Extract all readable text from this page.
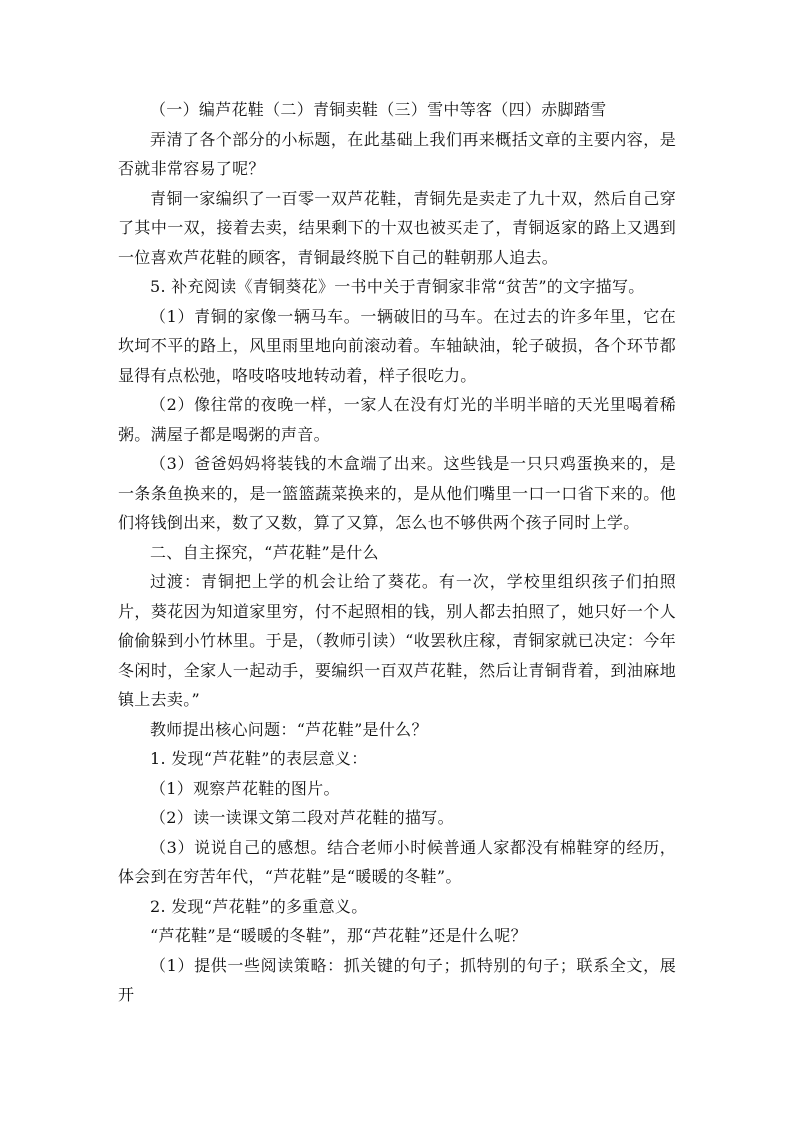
（一）编芦花鞋（二）青铜卖鞋（三）雪中等客（四）赤脚踏雪

弄清了各个部分的小标题，在此基础上我们再来概括文章的主要内容，是否就非常容易了呢？

青铜一家编织了一百零一双芦花鞋，青铜先是卖走了九十双，然后自己穿了其中一双，接着去卖，结果剩下的十双也被买走了，青铜返家的路上又遇到一位喜欢芦花鞋的顾客，青铜最终脱下自己的鞋朝那人追去。

5. 补充阅读《青铜葵花》一书中关于青铜家非常“贫苦”的文字描写。

（1）青铜的家像一辆马车。一辆破旧的马车。在过去的许多年里，它在坎坷不平的路上，风里雨里地向前滚动着。车轴缺油，轮子破损，各个环节都显得有点松弛，咯吱咯吱地转动着，样子很吃力。

（2）像往常的夜晚一样，一家人在没有灯光的半明半暗的天光里喝着稀粥。满屋子都是喝粥的声音。

（3）爸爸妈妈将装钱的木盒端了出来。这些钱是一只只鸡蛋换来的，是一条条鱼换来的，是一篮篮蔬菜换来的，是从他们嘴里一口一口省下来的。他们将钱倒出来，数了又数，算了又算，怎么也不够供两个孩子同时上学。

二、自主探究，“芦花鞋”是什么

过渡：青铜把上学的机会让给了葵花。有一次，学校里组织孩子们拍照片，葵花因为知道家里穷，付不起照相的钱，别人都去拍照了，她只好一个人偷偷躲到小竹林里。于是，（教师引读）“收罢秋庄稼，青铜家就已决定：今年冬闲时，全家人一起动手，要编织一百双芦花鞋，然后让青铜背着，到油麻地镇上去卖。”

教师提出核心问题：“芦花鞋”是什么？

1. 发现“芦花鞋”的表层意义：

（1）观察芦花鞋的图片。

（2）读一读课文第二段对芦花鞋的描写。

（3）说说自己的感想。结合老师小时候普通人家都没有棉鞋穿的经历，体会到在穷苦年代，“芦花鞋”是“暖暖的冬鞋”。

2. 发现“芦花鞋”的多重意义。

“芦花鞋”是“暖暖的冬鞋”，那“芦花鞋”还是什么呢？

（1）提供一些阅读策略：抓关键的句子；抓特别的句子；联系全文，展开
